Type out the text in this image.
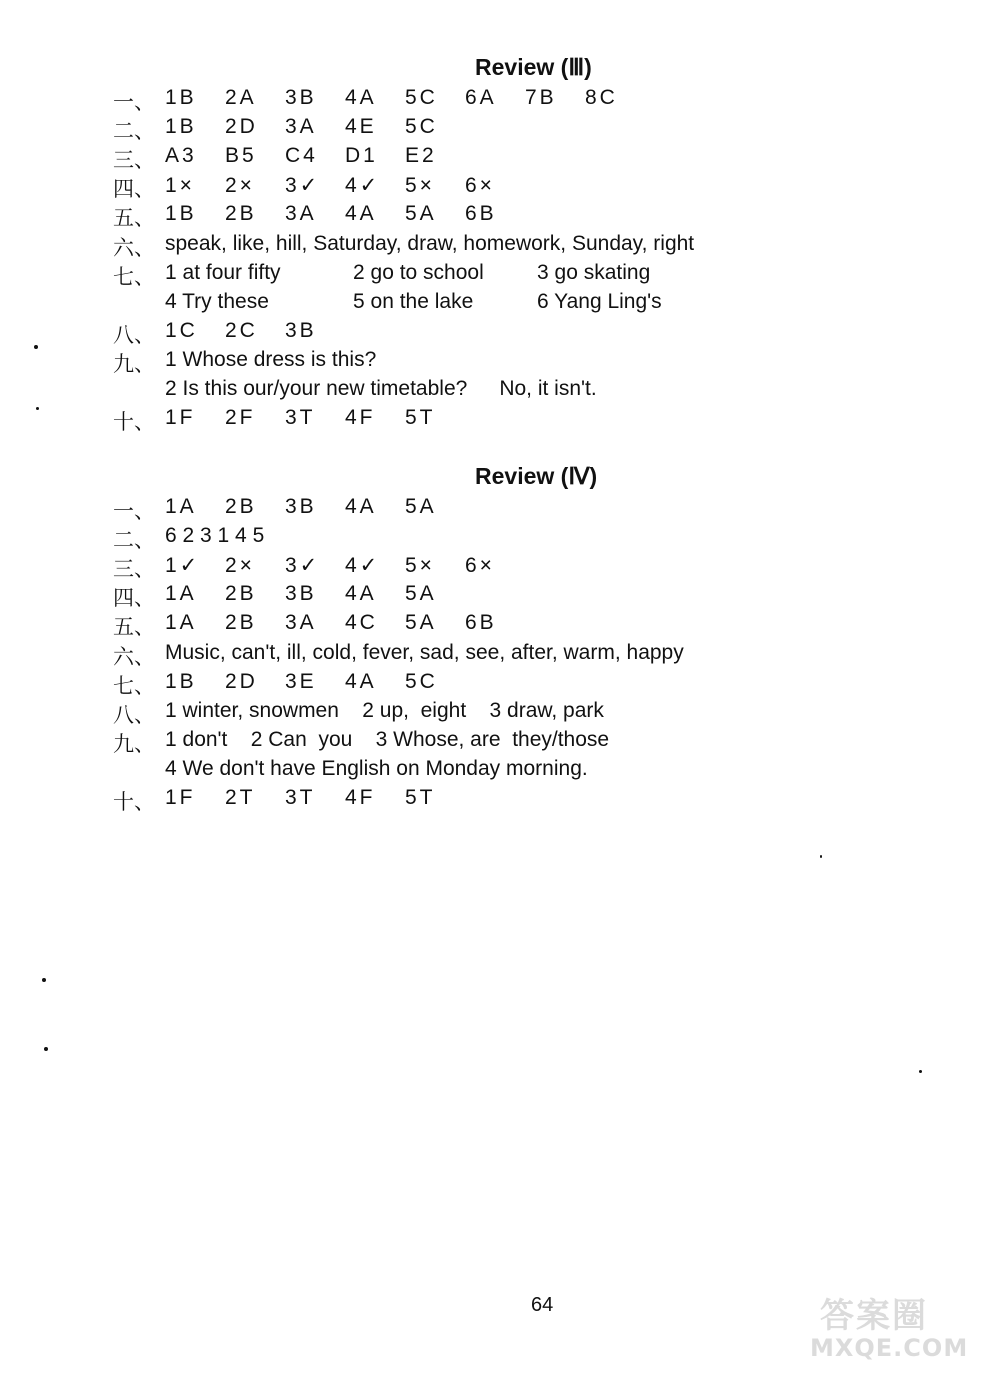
Review (Ⅲ)
一、 1B 2A 3B 4A 5C 6A 7B 8C
二、 1B 2D 3A 4E 5C
三、 A3 B5 C4 D1 E2
四、 1× 2× 3✓ 4✓ 5× 6×
五、 1B 2B 3A 4A 5A 6B
六、 speak, like, hill, Saturday, draw, homework, Sunday, right
七、 1 at four fifty	2 go to school	3 go skating
4 Try these	5 on the lake	6 Yang Ling's
八、 1C 2C 3B
九、 1 Whose dress is this?
2 Is this our/your new timetable? No, it isn't.
十、 1F 2F 3T 4F 5T
Review (Ⅳ)
一、 1A 2B 3B 4A 5A
二、 6 2 3 1 4 5
三、 1✓ 2× 3✓ 4✓ 5× 6×
四、 1A 2B 3B 4A 5A
五、 1A 2B 3A 4C 5A 6B
六、 Music, can't, ill, cold, fever, sad, see, after, warm, happy
七、 1B 2D 3E 4A 5C
八、 1 winter, snowmen    2 up,  eight    3 draw, park
九、 1 don't    2 Can  you    3 Whose, are  they/those
4 We don't have English on Monday morning.
十、 1F 2T 3T 4F 5T
64	答案圈
MXQE.COM
